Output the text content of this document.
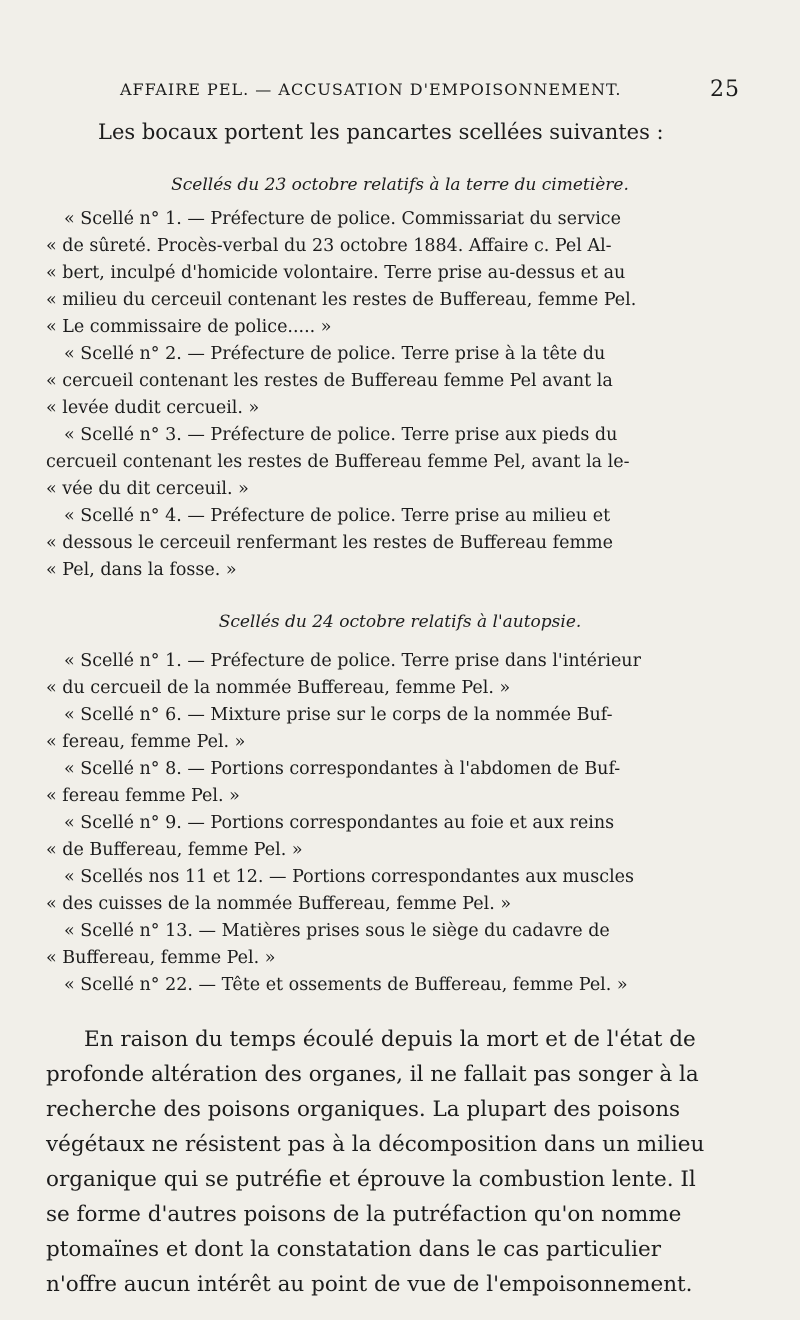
AFFAIRE PEL. — ACCUSATION D'EMPOISONNEMENT.	25
Les bocaux portent les pancartes scellées suivantes :
Scellés du 23 octobre relatifs à la terre du cimetière.
« Scellé n° 1. — Préfecture de police. Commissariat du service
« de sûreté. Procès-verbal du 23 octobre 1884. Affaire c. Pel Al-
« bert, inculpé d'homicide volontaire. Terre prise au-dessus et au
« milieu du cerceuil contenant les restes de Buffereau, femme Pel.
« Le commissaire de police..... »
« Scellé n° 2. — Préfecture de police. Terre prise à la tête du
« cercueil contenant les restes de Buffereau femme Pel avant la
« levée dudit cercueil. »
« Scellé n° 3. — Préfecture de police. Terre prise aux pieds du
cercueil contenant les restes de Buffereau femme Pel, avant la le-
« vée du dit cerceuil. »
« Scellé n° 4. — Préfecture de police. Terre prise au milieu et
« dessous le cerceuil renfermant les restes de Buffereau femme
« Pel, dans la fosse. »
Scellés du 24 octobre relatifs à l'autopsie.
« Scellé n° 1. — Préfecture de police. Terre prise dans l'intérieur
« du cercueil de la nommée Buffereau, femme Pel. »
« Scellé n° 6. — Mixture prise sur le corps de la nommée Buf-
« fereau, femme Pel. »
« Scellé n° 8. — Portions correspondantes à l'abdomen de Buf-
« fereau femme Pel. »
« Scellé n° 9. — Portions correspondantes au foie et aux reins
« de Buffereau, femme Pel. »
« Scellés nos 11 et 12. — Portions correspondantes aux muscles
« des cuisses de la nommée Buffereau, femme Pel. »
« Scellé n° 13. — Matières prises sous le siège du cadavre de
« Buffereau, femme Pel. »
« Scellé n° 22. — Tête et ossements de Buffereau, femme Pel. »
En raison du temps écoulé depuis la mort et de l'état de
profonde altération des organes, il ne fallait pas songer à la
recherche des poisons organiques. La plupart des poisons
végétaux ne résistent pas à la décomposition dans un milieu
organique qui se putréfie et éprouve la combustion lente. Il
se forme d'autres poisons de la putréfaction qu'on nomme
ptomaïnes et dont la constatation dans le cas particulier
n'offre aucun intérêt au point de vue de l'empoisonnement.
